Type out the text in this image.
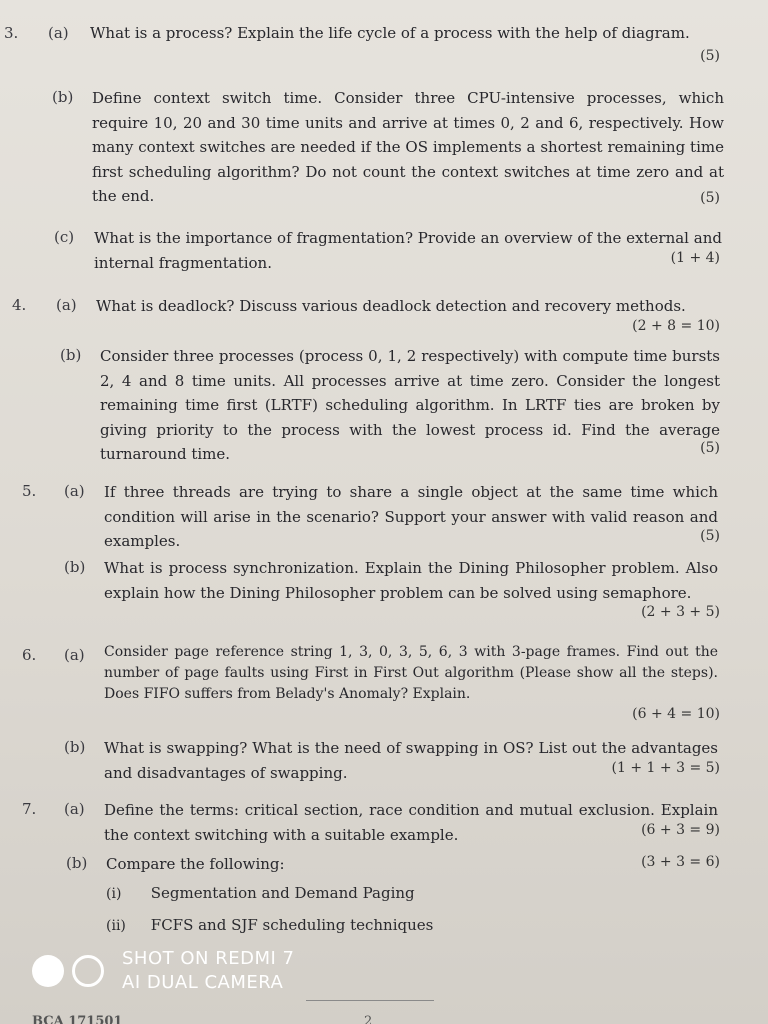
3. (a) What is a process? Explain the life cycle of a process with the help of diagram.
(5)
(b) Define context switch time. Consider three CPU-intensive processes, which require 10, 20 and 30 time units and arrive at times 0, 2 and 6, respectively. How many context switches are needed if the OS implements a shortest remaining time first scheduling algorithm? Do not count the context switches at time zero and at the end.	(5)
(c) What is the importance of fragmentation? Provide an overview of the external and internal fragmentation.	(1 + 4)
4. (a) What is deadlock? Discuss various deadlock detection and recovery methods.
(2 + 8 = 10)
(b) Consider three processes (process 0, 1, 2 respectively) with compute time bursts 2, 4 and 8 time units. All processes arrive at time zero. Consider the longest remaining time first (LRTF) scheduling algorithm. In LRTF ties are broken by giving priority to the process with the lowest process id. Find the average turnaround time.	(5)
5. (a) If three threads are trying to share a single object at the same time which condition will arise in the scenario? Support your answer with valid reason and examples.	(5)
(b) What is process synchronization. Explain the Dining Philosopher problem. Also explain how the Dining Philosopher problem can be solved using semaphore.
(2 + 3 + 5)
6. (a) Consider page reference string 1, 3, 0, 3, 5, 6, 3 with 3-page frames. Find out the number of page faults using First in First Out algorithm (Please show all the steps). Does FIFO suffers from Belady's Anomaly? Explain.
(6 + 4 = 10)
(b) What is swapping? What is the need of swapping in OS? List out the advantages and disadvantages of swapping.	(1 + 1 + 3 = 5)
7. (a) Define the terms: critical section, race condition and mutual exclusion. Explain the context switching with a suitable example.	(6 + 3 = 9)
(b) Compare the following:	(3 + 3 = 6)
(i) Segmentation and Demand Paging
(ii) FCFS and SJF scheduling techniques
SHOT ON REDMI 7
AI DUAL CAMERA
BCA 171501	2
